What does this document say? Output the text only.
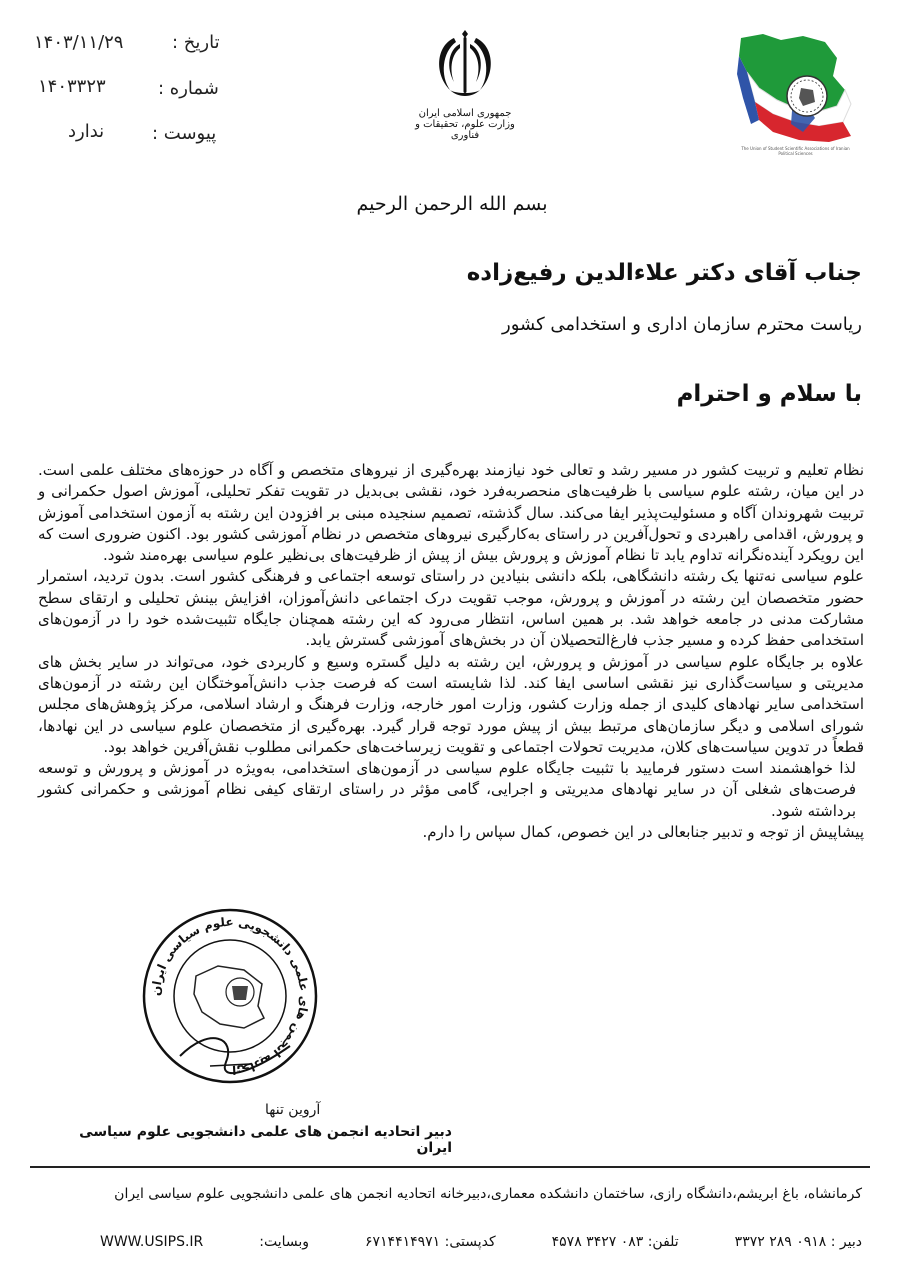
۱۴۰۳/۱۱/۲۹	تاریخ :
۱۴۰۳۳۲۳	شماره :
ندارد	پیوست :
جمهوری اسلامی ایران
وزارت علوم، تحقیقات و فناوری
The Union of Student Scientific Associations of Iranian Political Sciences
بسم الله الرحمن الرحیم
جناب آقای دکتر علاءالدین رفیع‌زاده
ریاست محترم سازمان اداری و استخدامی کشور
با سلام و احترام

نظام تعلیم و تربیت کشور در مسیر رشد و تعالی خود نیازمند بهره‌گیری از نیروهای متخصص و آگاه در حوزه‌های مختلف علمی است. در این میان، رشته علوم سیاسی با ظرفیت‌های منحصربه‌فرد خود، نقشی بی‌بدیل در تقویت تفکر تحلیلی، آموزش اصول حکمرانی و تربیت شهروندان آگاه و مسئولیت‌پذیر ایفا می‌کند. سال گذشته، تصمیم سنجیده مبنی بر افزودن این رشته به آزمون استخدامی آموزش و پرورش، اقدامی راهبردی و تحول‌آفرین در راستای به‌کارگیری نیروهای متخصص در نظام آموزشی کشور بود. اکنون ضروری است که این رویکرد آینده‌نگرانه تداوم یابد تا نظام آموزش و پرورش بیش از پیش از ظرفیت‌های بی‌نظیر علوم سیاسی بهره‌مند شود.

علوم سیاسی نه‌تنها یک رشته دانشگاهی، بلکه دانشی بنیادین در راستای توسعه اجتماعی و فرهنگی کشور است. بدون تردید، استمرار حضور متخصصان این رشته در آموزش و پرورش، موجب تقویت درک اجتماعی دانش‌آموزان، افزایش بینش تحلیلی و ارتقای سطح مشارکت مدنی در جامعه خواهد شد. بر همین اساس، انتظار می‌رود که این رشته همچنان جایگاه تثبیت‌شده خود را در آزمون‌های استخدامی حفظ کرده و مسیر جذب فارغ‌التحصیلان آن در بخش‌های آموزشی گسترش یابد.

علاوه بر جایگاه علوم سیاسی در آموزش و پرورش، این رشته به دلیل گستره وسیع و کاربردی خود، می‌تواند در سایر بخش های مدیریتی و سیاست‌گذاری نیز نقشی اساسی ایفا کند. لذا شایسته است که فرصت جذب دانش‌آموختگان این رشته در آزمون‌های استخدامی سایر نهادهای کلیدی از جمله وزارت کشور، وزارت امور خارجه، وزارت فرهنگ و ارشاد اسلامی، مرکز پژوهش‌های مجلس شورای اسلامی و دیگر سازمان‌های مرتبط بیش از پیش مورد توجه قرار گیرد. بهره‌گیری از متخصصان علوم سیاسی در این نهادها، قطعاً در تدوین سیاست‌های کلان، مدیریت تحولات اجتماعی و تقویت زیرساخت‌های حکمرانی مطلوب نقش‌آفرین خواهد بود.

لذا خواهشمند است دستور فرمایید با تثبیت جایگاه علوم سیاسی در آزمون‌های استخدامی، به‌ویژه در آموزش و پرورش و توسعه فرصت‌های شغلی آن در سایر نهادهای مدیریتی و اجرایی، گامی مؤثر در راستای ارتقای کیفی نظام آموزشی و حکمرانی کشور برداشته شود.

پیشاپیش از توجه و تدبیر جنابعالی در این خصوص، کمال سپاس را دارم.

اتحادیه انجمن های علمی دانشجویی علوم سیاسی ایران
آروین تنها
دبیر اتحادیه انجمن های علمی دانشجویی علوم سیاسی ایران
کرمانشاه، باغ ابریشم،دانشگاه رازی، ساختمان دانشکده معماری،دبیرخانه اتحادیه انجمن های علمی دانشجویی علوم سیاسی ایران
دبیر : ۰۹۱۸ ۲۸۹ ۳۳۷۲
تلفن: ۰۸۳ ۳۴۲۷ ۴۵۷۸
کدپستی: ۶۷۱۴۴۱۴۹۷۱
وبسایت:
WWW.USIPS.IR
